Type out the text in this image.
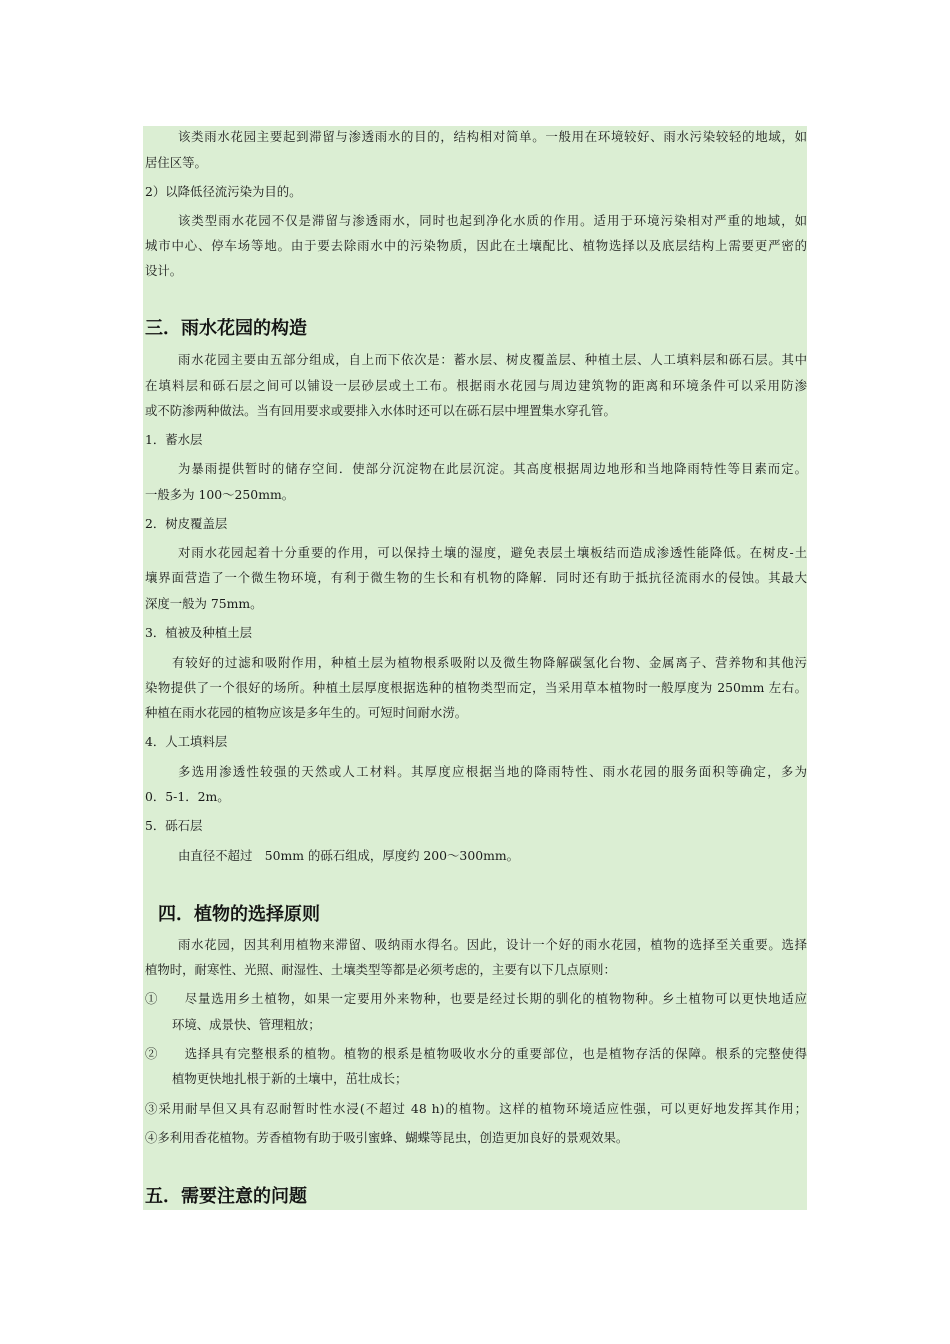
该类雨水花园主要起到滞留与渗透雨水的目的，结构相对简单。一般用在环境较好、雨水污染较轻的地域，如
居住区等。
2）以降低径流污染为目的。
该类型雨水花园不仅是滞留与渗透雨水，同时也起到净化水质的作用。适用于环境污染相对严重的地域，如
城市中心、停车场等地。由于要去除雨水中的污染物质，因此在土壤配比、植物选择以及底层结构上需要更严密的
设计。
三．雨水花园的构造
雨水花园主要由五部分组成，自上而下依次是：蓄水层、树皮覆盖层、种植土层、人工填料层和砾石层。其中
在填料层和砾石层之间可以铺设一层砂层或土工布。根据雨水花园与周边建筑物的距离和环境条件可以采用防渗
或不防渗两种做法。当有回用要求或要排入水体时还可以在砾石层中埋置集水穿孔管。
1．蓄水层
为暴雨提供暂时的储存空间．使部分沉淀物在此层沉淀。其高度根据周边地形和当地降雨特性等目素而定。
一般多为 100～250mm。
2．树皮覆盖层
对雨水花园起着十分重要的作用，可以保持土壤的湿度，避免表层土壤板结而造成渗透性能降低。在树皮-土
壤界面营造了一个微生物环境，有利于微生物的生长和有机物的降解．同时还有助于抵抗径流雨水的侵蚀。其最大
深度一般为 75mm。
3．植被及种植土层
有较好的过滤和吸附作用，种植土层为植物根系吸附以及微生物降解碳氢化台物、金属离子、营养物和其他污
染物提供了一个很好的场所。种植土层厚度根据选种的植物类型而定，当采用草本植物时一般厚度为 250mm 左右。
种植在雨水花园的植物应该是多年生的。可短时间耐水涝。
4．人工填料层
多选用渗透性较强的天然或人工材料。其厚度应根据当地的降雨特性、雨水花园的服务面积等确定，多为
0．5-1．2m。
5．砾石层
由直径不超过　50mm 的砾石组成，厚度约 200～300mm。
四．植物的选择原则
雨水花园，因其利用植物来滞留、吸纳雨水得名。因此，设计一个好的雨水花园，植物的选择至关重要。选择
植物时，耐寒性、光照、耐湿性、土壤类型等都是必须考虑的，主要有以下几点原则：
①　　尽量选用乡土植物，如果一定要用外来物种，也要是经过长期的驯化的植物物种。乡土植物可以更快地适应
环境、成景快、管理粗放；
②　　选择具有完整根系的植物。植物的根系是植物吸收水分的重要部位，也是植物存活的保障。根系的完整使得
植物更快地扎根于新的土壤中，茁壮成长；
③采用耐旱但又具有忍耐暂时性水浸(不超过 48 h)的植物。这样的植物环境适应性强，可以更好地发挥其作用；
④多利用香花植物。芳香植物有助于吸引蜜蜂、蝴蝶等昆虫，创造更加良好的景观效果。
五．需要注意的问题
